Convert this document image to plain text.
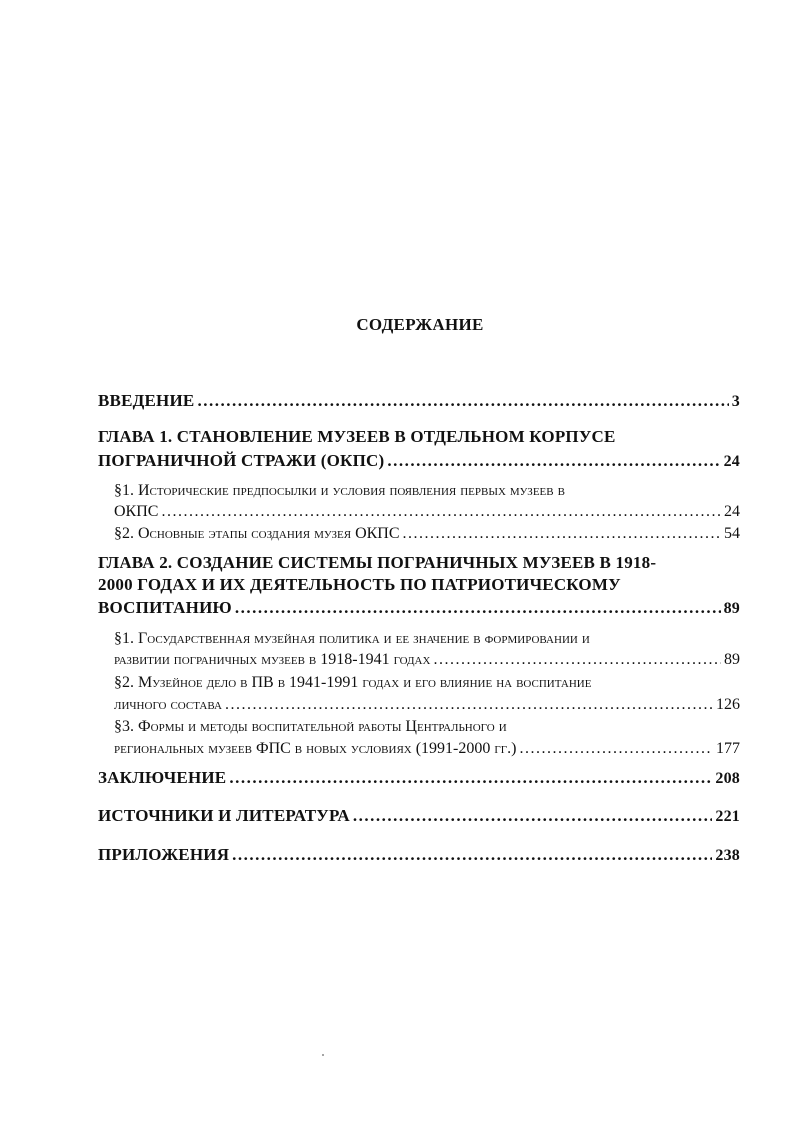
СОДЕРЖАНИЕ
ВВЕДЕНИЕ .....	3
ГЛАВА 1. СТАНОВЛЕНИЕ МУЗЕЕВ В ОТДЕЛЬНОМ КОРПУСЕ
ПОГРАНИЧНОЙ СТРАЖИ (ОКПС) .....	24
§1. Исторические предпосылки и условия появления первых музеев в
ОКПС .....	24
§2. Основные этапы создания музея ОКПС .....	54
ГЛАВА 2. СОЗДАНИЕ СИСТЕМЫ ПОГРАНИЧНЫХ МУЗЕЕВ В 1918-
2000 ГОДАХ И ИХ ДЕЯТЕЛЬНОСТЬ ПО ПАТРИОТИЧЕСКОМУ
ВОСПИТАНИЮ .....	89
§1. Государственная музейная политика и ее значение в формировании и
развитии пограничных музеев в 1918-1941 годах .....	89
§2. Музейное дело в ПВ в 1941-1991 годах и его влияние на воспитание
личного состава .....	126
§3. Формы и методы воспитательной работы Центрального и
региональных музеев ФПС в новых условиях (1991-2000 гг.) .....	177
ЗАКЛЮЧЕНИЕ .....	208
ИСТОЧНИКИ И ЛИТЕРАТУРА .....	221
ПРИЛОЖЕНИЯ .....	238
